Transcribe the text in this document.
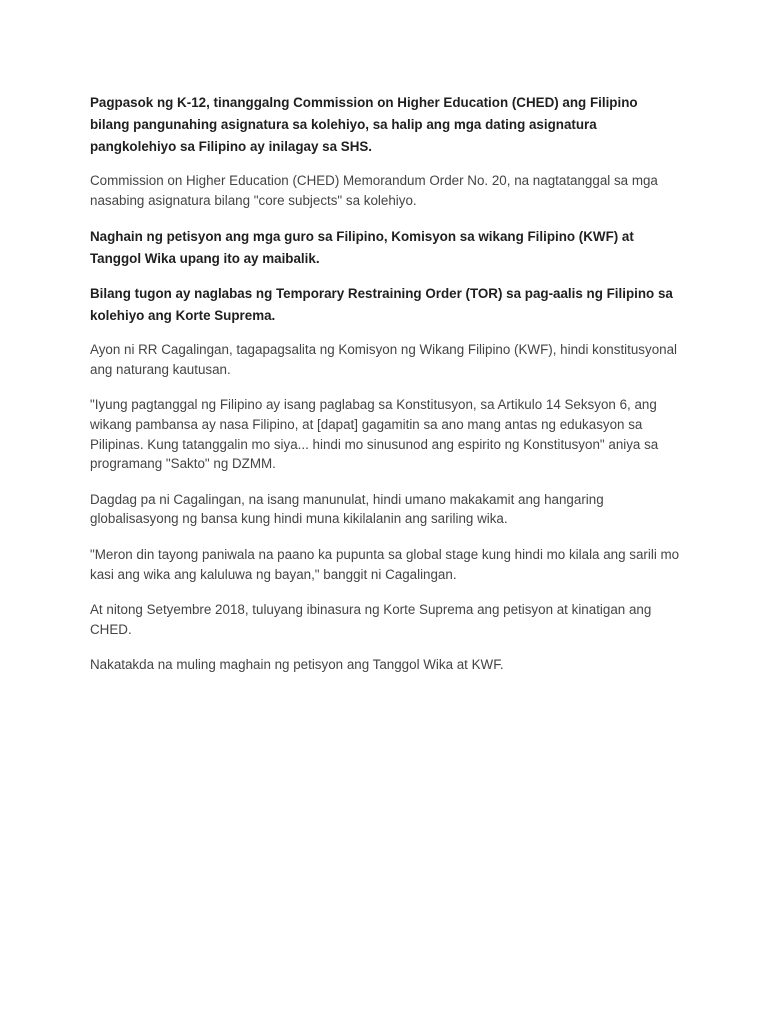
Pagpasok ng K-12, tinanggalng Commission on Higher Education (CHED) ang Filipino bilang pangunahing asignatura sa kolehiyo, sa halip ang mga dating asignatura pangkolehiyo sa Filipino ay inilagay sa SHS.

Commission on Higher Education (CHED) Memorandum Order No. 20, na nagtatanggal sa mga nasabing asignatura bilang "core subjects" sa kolehiyo.

Naghain ng petisyon ang mga guro sa Filipino, Komisyon sa wikang Filipino (KWF) at  Tanggol Wika upang ito ay maibalik.

Bilang tugon ay naglabas ng Temporary Restraining Order (TOR) sa pag-aalis ng Filipino sa kolehiyo ang Korte Suprema.

Ayon ni RR Cagalingan, tagapagsalita ng Komisyon ng Wikang Filipino (KWF), hindi konstitusyonal ang naturang kautusan.

"Iyung pagtanggal ng Filipino ay isang paglabag sa Konstitusyon, sa Artikulo 14 Seksyon 6, ang wikang pambansa ay nasa Filipino, at [dapat] gagamitin sa ano mang antas ng edukasyon sa Pilipinas. Kung tatanggalin mo siya... hindi mo sinusunod ang espirito ng Konstitusyon" aniya sa programang "Sakto" ng DZMM.

Dagdag pa ni Cagalingan, na isang manunulat, hindi umano makakamit ang hangaring globalisasyong ng bansa kung hindi muna kikilalanin ang sariling wika.

"Meron din tayong paniwala na paano ka pupunta sa global stage kung hindi mo kilala ang sarili mo kasi ang wika ang kaluluwa ng bayan," banggit ni Cagalingan.

At nitong Setyembre 2018, tuluyang ibinasura ng Korte Suprema ang petisyon at kinatigan ang CHED.

Nakatakda na muling maghain ng petisyon ang Tanggol Wika at KWF.
